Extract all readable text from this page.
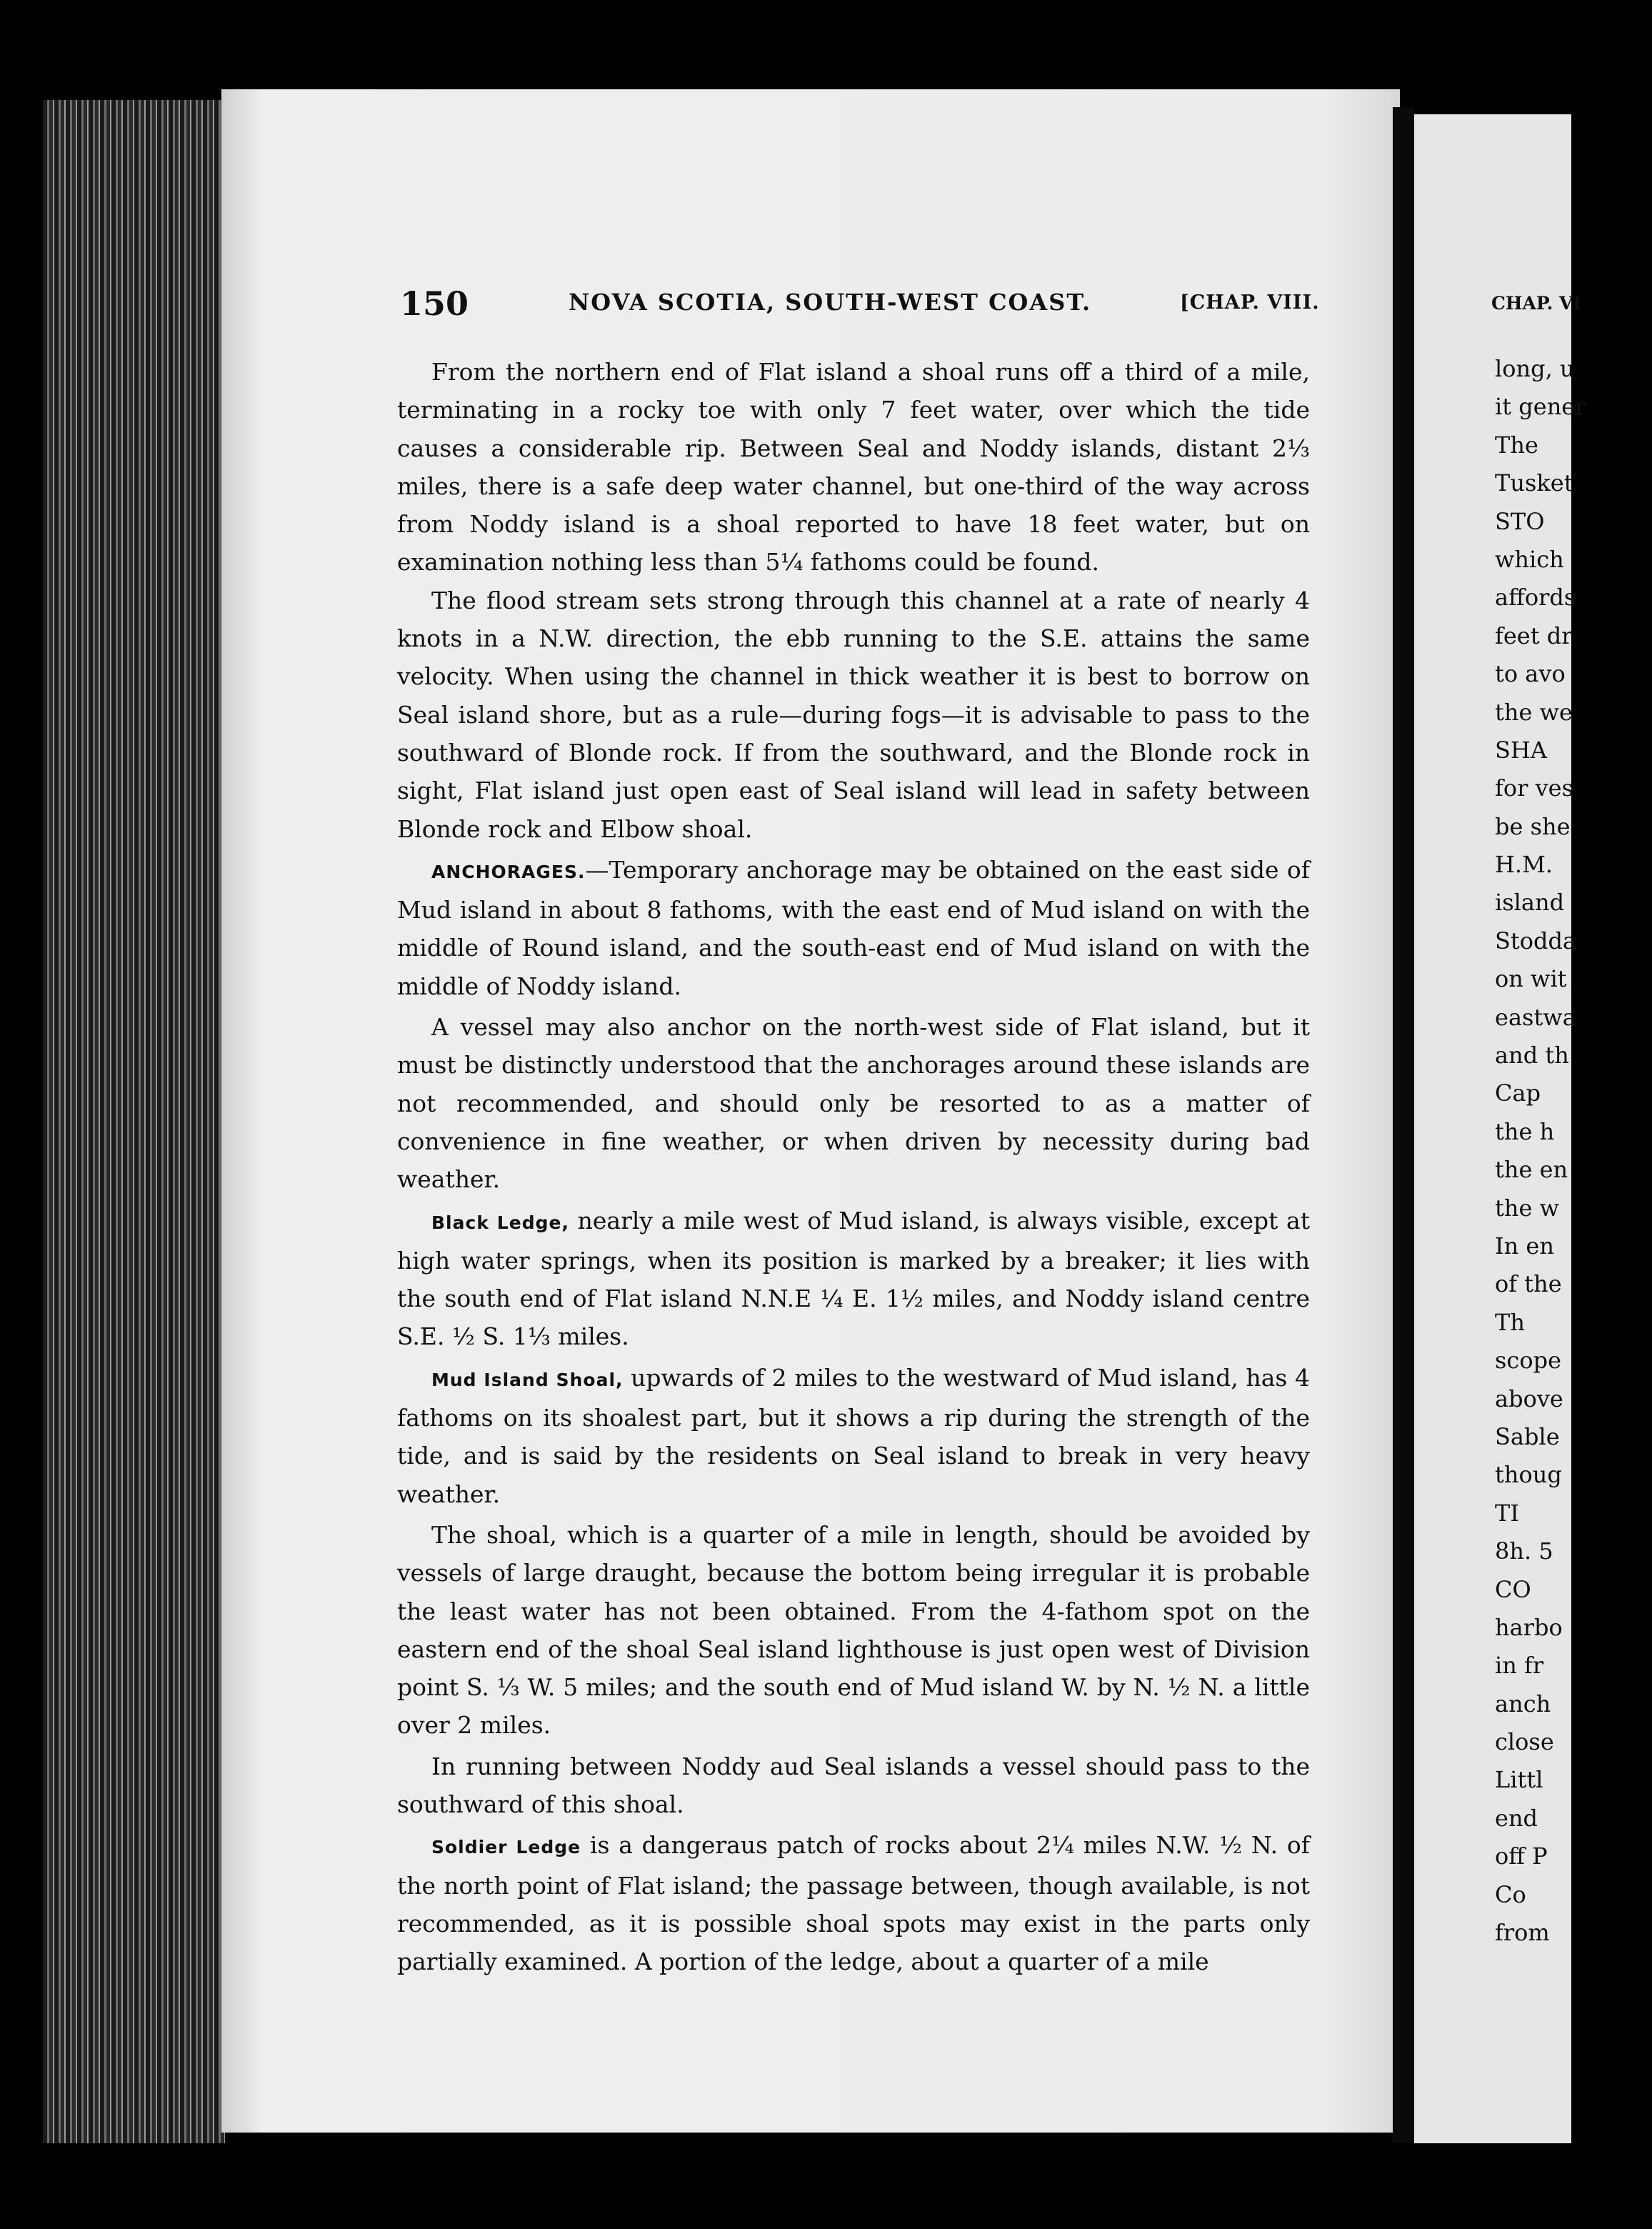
150	NOVA SCOTIA, SOUTH-WEST COAST.	[CHAP. VIII.

From the northern end of Flat island a shoal runs off a third of a mile, terminating in a rocky toe with only 7 feet water, over which the tide causes a considerable rip. Between Seal and Noddy islands, distant 2⅓ miles, there is a safe deep water channel, but one-third of the way across from Noddy island is a shoal reported to have 18 feet water, but on examination nothing less than 5¼ fathoms could be found.

The flood stream sets strong through this channel at a rate of nearly 4 knots in a N.W. direction, the ebb running to the S.E. attains the same velocity. When using the channel in thick weather it is best to borrow on Seal island shore, but as a rule—during fogs—it is advisable to pass to the southward of Blonde rock. If from the southward, and the Blonde rock in sight, Flat island just open east of Seal island will lead in safety between Blonde rock and Elbow shoal.

ANCHORAGES.—Temporary anchorage may be obtained on the east side of Mud island in about 8 fathoms, with the east end of Mud island on with the middle of Round island, and the south-east end of Mud island on with the middle of Noddy island.

A vessel may also anchor on the north-west side of Flat island, but it must be distinctly understood that the anchorages around these islands are not recommended, and should only be resorted to as a matter of convenience in fine weather, or when driven by necessity during bad weather.

Black Ledge, nearly a mile west of Mud island, is always visible, except at high water springs, when its position is marked by a breaker; it lies with the south end of Flat island N.N.E ¼ E. 1½ miles, and Noddy island centre S.E. ½ S. 1⅓ miles.

Mud Island Shoal, upwards of 2 miles to the westward of Mud island, has 4 fathoms on its shoalest part, but it shows a rip during the strength of the tide, and is said by the residents on Seal island to break in very heavy weather.

The shoal, which is a quarter of a mile in length, should be avoided by vessels of large draught, because the bottom being irregular it is probable the least water has not been obtained. From the 4-fathom spot on the eastern end of the shoal Seal island lighthouse is just open west of Division point S. ⅓ W. 5 miles; and the south end of Mud island W. by N. ½ N. a little over 2 miles.

In running between Noddy aud Seal islands a vessel should pass to the southward of this shoal.

Soldier Ledge is a dangeraus patch of rocks about 2¼ miles N.W. ½ N. of the north point of Flat island; the passage between, though available, is not recommended, as it is possible shoal spots may exist in the parts only partially examined. A portion of the ledge, about a quarter of a mile

CHAP. VI
long, u
it gener
The
Tusket
STO
which
affords
feet dr
to avo
the we
SHA
for ves
be she
H.M.
island
Stodda
on wit
eastwa
and th
Cap
the h
the en
the w
In en
of the
Th
scope
above
Sable
thoug
TI
8h. 5
CO
harbo
in fr
anch
close
Littl
end
off P
Co
from
